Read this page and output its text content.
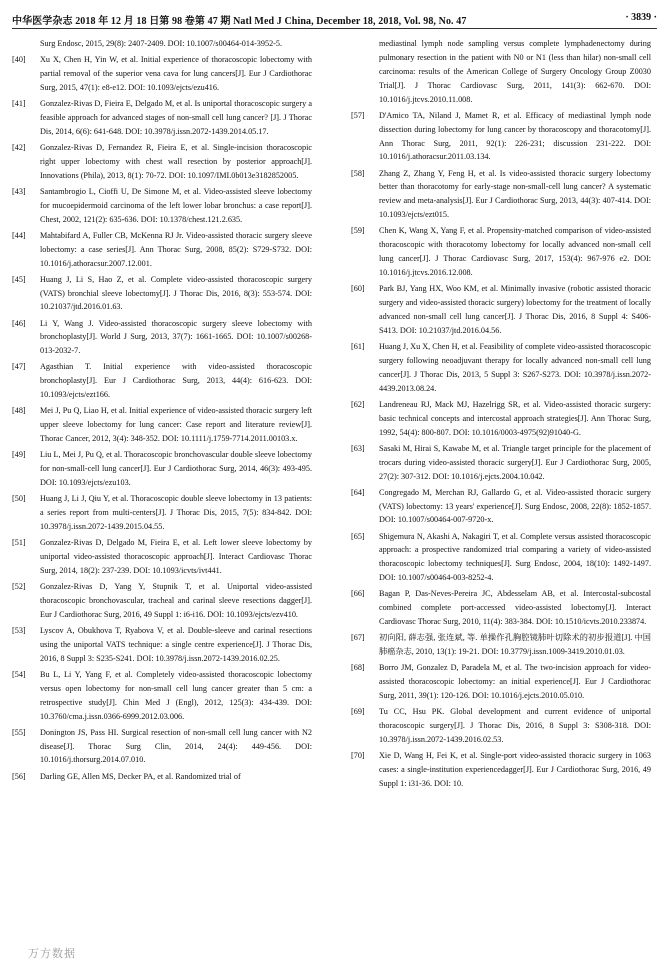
中华医学杂志 2018 年 12 月 18 日第 98 卷第 47 期 Natl Med J China, December 18, 2018, Vol. 98, No. 47	· 3839 ·
Surg Endosc, 2015, 29(8): 2407-2409. DOI: 10.1007/s00464-014-3952-5.
[40] Xu X, Chen H, Yin W, et al. Initial experience of thoracoscopic lobectomy with partial removal of the superior vena cava for lung cancers[J]. Eur J Cardiothorac Surg, 2015, 47(1): e8-e12. DOI: 10.1093/ejcts/ezu416.
[41] Gonzalez-Rivas D, Fieira E, Delgado M, et al. Is uniportal thoracoscopic surgery a feasible approach for advanced stages of non-small cell lung cancer? [J]. J Thorac Dis, 2014, 6(6): 641-648. DOI: 10.3978/j.issn.2072-1439.2014.05.17.
[42] Gonzalez-Rivas D, Fernandez R, Fieira E, et al. Single-incision thoracoscopic right upper lobectomy with chest wall resection by posterior approach[J]. Innovations (Phila), 2013, 8(1): 70-72. DOI: 10.1097/IMI.0b013e3182852005.
[43] Santambrogio L, Cioffi U, De Simone M, et al. Video-assisted sleeve lobectomy for mucoepidermoid carcinoma of the left lower lobar bronchus: a case report[J]. Chest, 2002, 121(2): 635-636. DOI: 10.1378/chest.121.2.635.
[44] Mahtabifard A, Fuller CB, McKenna RJ Jr. Video-assisted thoracic surgery sleeve lobectomy: a case series[J]. Ann Thorac Surg, 2008, 85(2): S729-S732. DOI: 10.1016/j.athoracsur.2007.12.001.
[45] Huang J, Li S, Hao Z, et al. Complete video-assisted thoracoscopic surgery (VATS) bronchial sleeve lobectomy[J]. J Thorac Dis, 2016, 8(3): 553-574. DOI: 10.21037/jtd.2016.01.63.
[46] Li Y, Wang J. Video-assisted thoracoscopic surgery sleeve lobectomy with bronchoplasty[J]. World J Surg, 2013, 37(7): 1661-1665. DOI: 10.1007/s00268-013-2032-7.
[47] Agasthian T. Initial experience with video-assisted thoracoscopic bronchoplasty[J]. Eur J Cardiothorac Surg, 2013, 44(4): 616-623. DOI: 10.1093/ejcts/ezt166.
[48] Mei J, Pu Q, Liao H, et al. Initial experience of video-assisted thoracic surgery left upper sleeve lobectomy for lung cancer: Case report and literature review[J]. Thorac Cancer, 2012, 3(4): 348-352. DOI: 10.1111/j.1759-7714.2011.00103.x.
[49] Liu L, Mei J, Pu Q, et al. Thoracoscopic bronchovascular double sleeve lobectomy for non-small-cell lung cancer[J]. Eur J Cardiothorac Surg, 2014, 46(3): 493-495. DOI: 10.1093/ejcts/ezu103.
[50] Huang J, Li J, Qiu Y, et al. Thoracoscopic double sleeve lobectomy in 13 patients: a series report from multi-centers[J]. J Thorac Dis, 2015, 7(5): 834-842. DOI: 10.3978/j.issn.2072-1439.2015.04.55.
[51] Gonzalez-Rivas D, Delgado M, Fieira E, et al. Left lower sleeve lobectomy by uniportal video-assisted thoracoscopic approach[J]. Interact Cardiovasc Thorac Surg, 2014, 18(2): 237-239. DOI: 10.1093/icvts/ivt441.
[52] Gonzalez-Rivas D, Yang Y, Stupnik T, et al. Uniportal video-assisted thoracoscopic bronchovascular, tracheal and carinal sleeve resections dagger[J]. Eur J Cardiothorac Surg, 2016, 49 Suppl 1: i6-i16. DOI: 10.1093/ejcts/ezv410.
[53] Lyscov A, Obukhova T, Ryabova V, et al. Double-sleeve and carinal resections using the uniportal VATS technique: a single centre experience[J]. J Thorac Dis, 2016, 8 Suppl 3: S235-S241. DOI: 10.3978/j.issn.2072-1439.2016.02.25.
[54] Bu L, Li Y, Yang F, et al. Completely video-assisted thoracoscopic lobectomy versus open lobectomy for non-small cell lung cancer greater than 5 cm: a retrospective study[J]. Chin Med J (Engl), 2012, 125(3): 434-439. DOI: 10.3760/cma.j.issn.0366-6999.2012.03.006.
[55] Donington JS, Pass HI. Surgical resection of non-small cell lung cancer with N2 disease[J]. Thorac Surg Clin, 2014, 24(4): 449-456. DOI: 10.1016/j.thorsurg.2014.07.010.
[56] Darling GE, Allen MS, Decker PA, et al. Randomized trial of
mediastinal lymph node sampling versus complete lymphadenectomy during pulmonary resection in the patient with N0 or N1 (less than hilar) non-small cell carcinoma: results of the American College of Surgery Oncology Group Z0030 Trial[J]. J Thorac Cardiovasc Surg, 2011, 141(3): 662-670. DOI: 10.1016/j.jtcvs.2010.11.008.
[57] D'Amico TA, Niland J, Mamet R, et al. Efficacy of mediastinal lymph node dissection during lobectomy for lung cancer by thoracoscopy and thoracotomy[J]. Ann Thorac Surg, 2011, 92(1): 226-231; discussion 231-222. DOI: 10.1016/j.athoracsur.2011.03.134.
[58] Zhang Z, Zhang Y, Feng H, et al. Is video-assisted thoracic surgery lobectomy better than thoracotomy for early-stage non-small-cell lung cancer? A systematic review and meta-analysis[J]. Eur J Cardiothorac Surg, 2013, 44(3): 407-414. DOI: 10.1093/ejcts/ezt015.
[59] Chen K, Wang X, Yang F, et al. Propensity-matched comparison of video-assisted thoracoscopic with thoracotomy lobectomy for locally advanced non-small cell lung cancer[J]. J Thorac Cardiovasc Surg, 2017, 153(4): 967-976 e2. DOI: 10.1016/j.jtcvs.2016.12.008.
[60] Park BJ, Yang HX, Woo KM, et al. Minimally invasive (robotic assisted thoracic surgery and video-assisted thoracic surgery) lobectomy for the treatment of locally advanced non-small cell lung cancer[J]. J Thorac Dis, 2016, 8 Suppl 4: S406-S413. DOI: 10.21037/jtd.2016.04.56.
[61] Huang J, Xu X, Chen H, et al. Feasibility of complete video-assisted thoracoscopic surgery following neoadjuvant therapy for locally advanced non-small cell lung cancer[J]. J Thorac Dis, 2013, 5 Suppl 3: S267-S273. DOI: 10.3978/j.issn.2072-4439.2013.08.24.
[62] Landreneau RJ, Mack MJ, Hazelrigg SR, et al. Video-assisted thoracic surgery: basic technical concepts and intercostal approach strategies[J]. Ann Thorac Surg, 1992, 54(4): 800-807. DOI: 10.1016/0003-4975(92)91040-G.
[63] Sasaki M, Hirai S, Kawabe M, et al. Triangle target principle for the placement of trocars during video-assisted thoracic surgery[J]. Eur J Cardiothorac Surg, 2005, 27(2): 307-312. DOI: 10.1016/j.ejcts.2004.10.042.
[64] Congregado M, Merchan RJ, Gallardo G, et al. Video-assisted thoracic surgery (VATS) lobectomy: 13 years' experience[J]. Surg Endosc, 2008, 22(8): 1852-1857. DOI: 10.1007/s00464-007-9720-x.
[65] Shigemura N, Akashi A, Nakagiri T, et al. Complete versus assisted thoracoscopic approach: a prospective randomized trial comparing a variety of video-assisted thoracoscopic lobectomy techniques[J]. Surg Endosc, 2004, 18(10): 1492-1497. DOI: 10.1007/s00464-003-8252-4.
[66] Bagan P, Das-Neves-Pereira JC, Abdesselam AB, et al. Intercostal-subcostal combined complete port-accessed video-assisted lobectomy[J]. Interact Cardiovasc Thorac Surg, 2010, 11(4): 383-384. DOI: 10.1510/icvts.2010.233874.
[67] 初向阳, 薛志强, 张连斌, 等. 单操作孔胸腔镜肺叶切除术的初步报道[J]. 中国肺癌杂志, 2010, 13(1): 19-21. DOI: 10.3779/j.issn.1009-3419.2010.01.03.
[68] Borro JM, Gonzalez D, Paradela M, et al. The two-incision approach for video-assisted thoracoscopic lobectomy: an initial experience[J]. Eur J Cardiothorac Surg, 2011, 39(1): 120-126. DOI: 10.1016/j.ejcts.2010.05.010.
[69] Tu CC, Hsu PK. Global development and current evidence of uniportal thoracoscopic surgery[J]. J Thorac Dis, 2016, 8 Suppl 3: S308-318. DOI: 10.3978/j.issn.2072-1439.2016.02.53.
[70] Xie D, Wang H, Fei K, et al. Single-port video-assisted thoracic surgery in 1063 cases: a single-institution experiencedagger[J]. Eur J Cardiothorac Surg, 2016, 49 Suppl 1: i31-36. DOI: 10.
万方数据
